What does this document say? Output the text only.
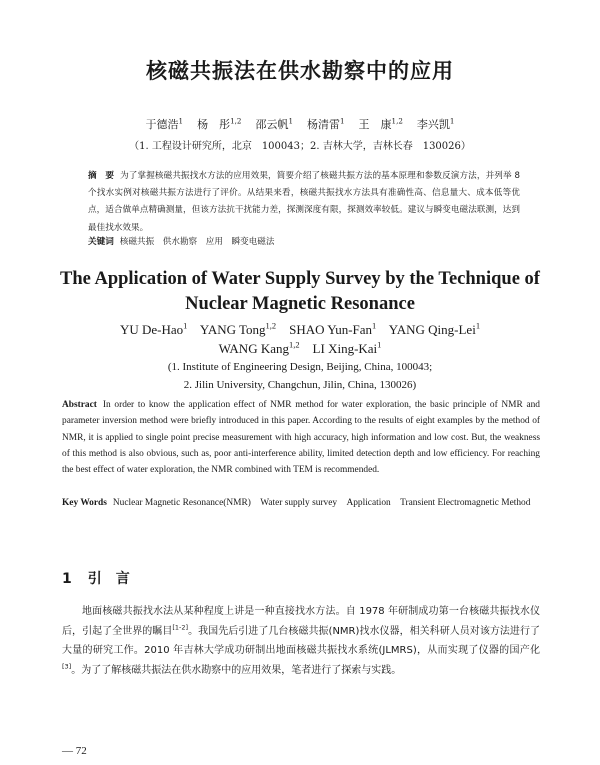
核磁共振法在供水勘察中的应用
于德浩$^1$ 杨　彤$^{1,2}$ 邵云帆$^1$ 杨清雷$^1$ 王　康$^{1,2}$ 李兴凯$^1$
（1. 工程设计研究所，北京　100043；2. 吉林大学，吉林长春　130026）
摘　要 为了掌握核磁共振找水方法的应用效果，简要介绍了核磁共振方法的基本原理和参数反演方法，并列举 8 个找水实例对核磁共振方法进行了评价。从结果来看，核磁共振找水方法具有准确性高、信息量大、成本低等优点，适合做单点精确测量，但该方法抗干扰能力差，探测深度有限，探测效率较低。建议与瞬变电磁法联测，达到最佳找水效果。
关键词 核磁共振　供水勘察　应用　瞬变电磁法
The Application of Water Supply Survey by the Technique of
Nuclear Magnetic Resonance
YU De-Hao$^1$ YANG Tong$^{1,2}$ SHAO Yun-Fan$^1$ YANG Qing-Lei$^1$
WANG Kang$^{1,2}$ LI Xing-Kai$^1$
(1. Institute of Engineering Design, Beijing, China, 100043;
2. Jilin University, Changchun, Jilin, China, 130026)
Abstract In order to know the application effect of NMR method for water exploration, the basic principle of NMR and parameter inversion method were briefly introduced in this paper. According to the results of eight examples by the method of NMR, it is applied to single point precise measurement with high accuracy, high information and low cost. But, the weakness of this method is also obvious, such as, poor anti-interference ability, limited detection depth and low efficiency. For reaching the best effect of water exploration, the NMR combined with TEM is recommended.
Key Words Nuclear Magnetic Resonance(NMR)　Water supply survey　Application　Transient Electromagnetic Method
1 引　言
地面核磁共振找水法从某种程度上讲是一种直接找水方法。自 1978 年研制成功第一台核磁共振找水仪后，引起了全世界的瞩目[1-2]。我国先后引进了几台核磁共振(NMR)找水仪器，相关科研人员对该方法进行了大量的研究工作。2010 年吉林大学成功研制出地面核磁共振找水系统(JLMRS)，从而实现了仪器的国产化[3]。为了了解核磁共振法在供水勘察中的应用效果，笔者进行了探索与实践。
— 72
